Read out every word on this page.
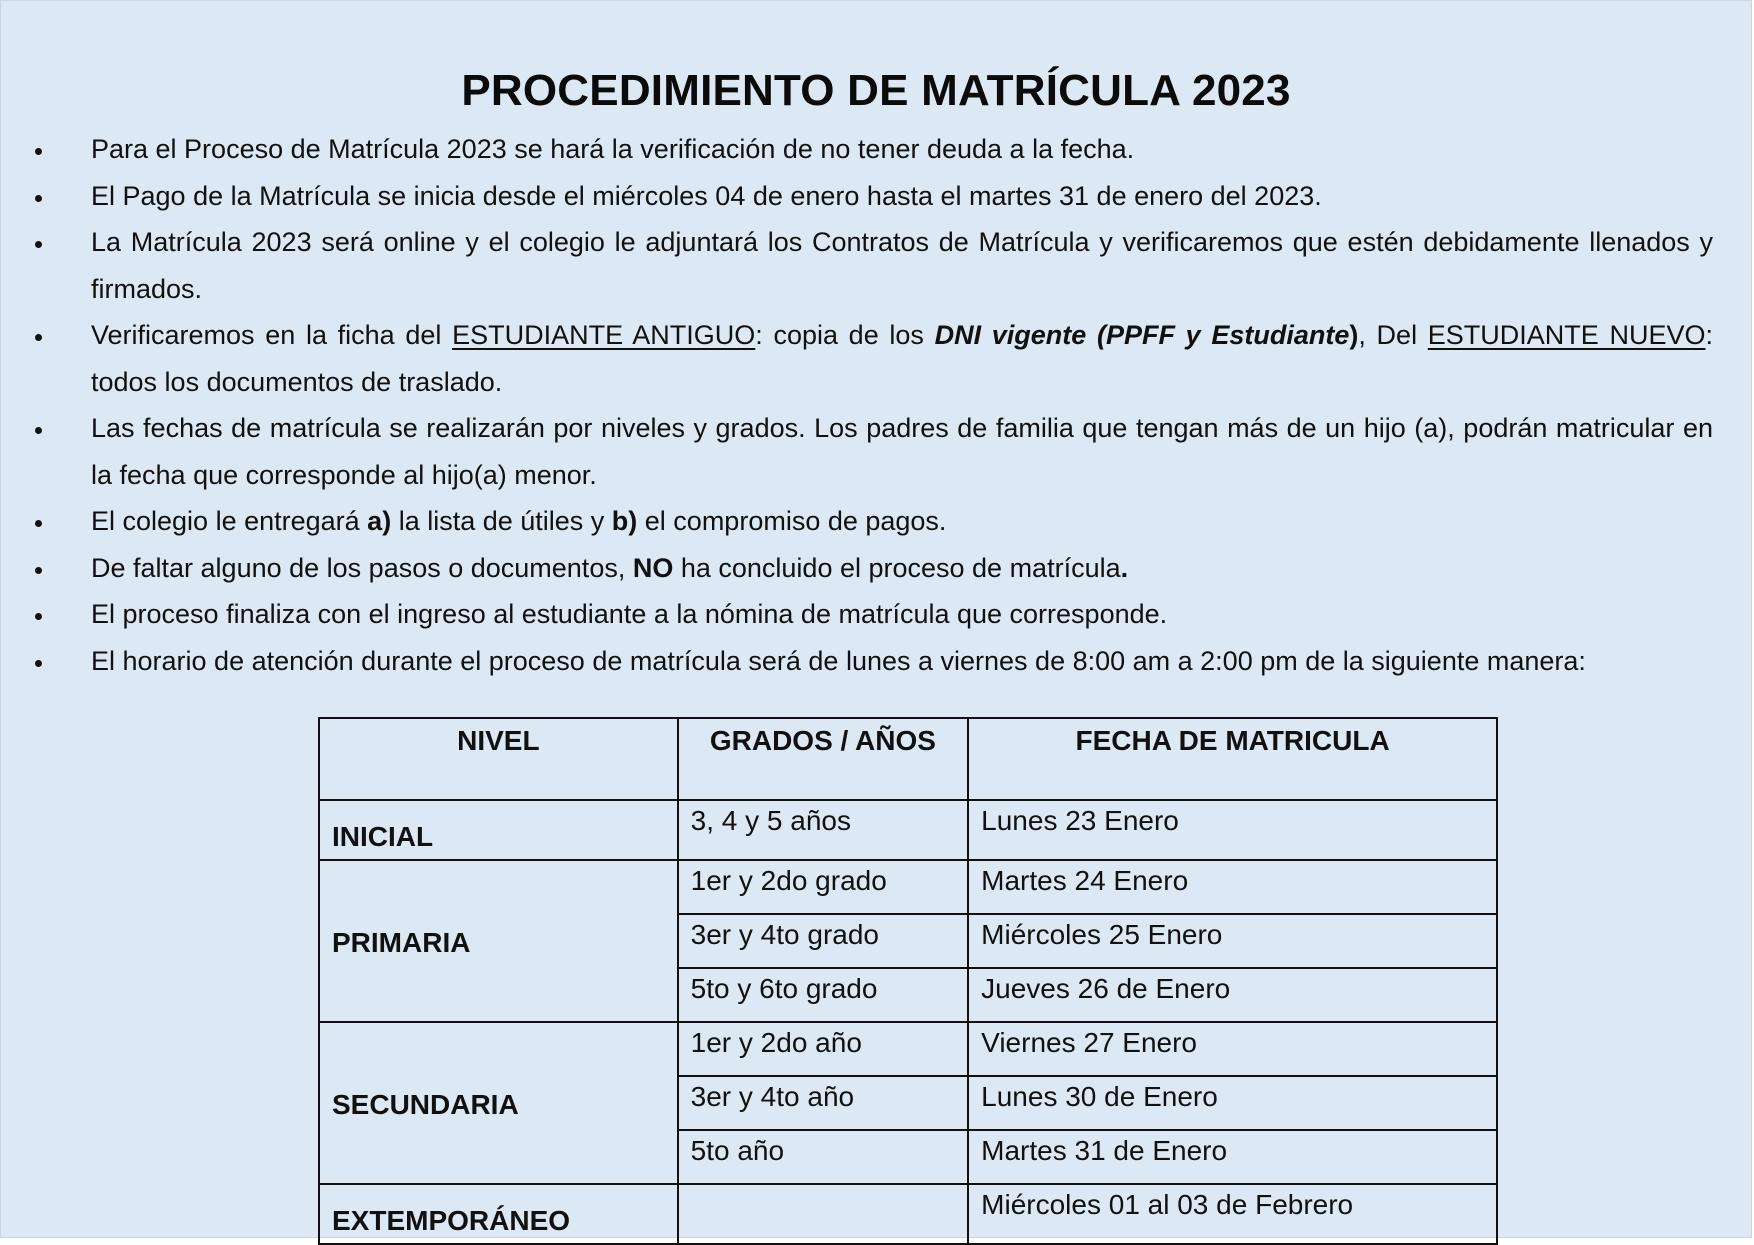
PROCEDIMIENTO DE MATRÍCULA 2023
Para el Proceso de Matrícula 2023 se hará la verificación de no tener deuda a la fecha.
El Pago de la Matrícula se inicia desde el miércoles 04 de enero hasta el martes 31 de enero del 2023.
La Matrícula 2023 será online y el colegio le adjuntará los Contratos de Matrícula y verificaremos que estén debidamente llenados y firmados.
Verificaremos en la ficha del ESTUDIANTE ANTIGUO: copia de los DNI vigente (PPFF y Estudiante), Del ESTUDIANTE NUEVO: todos los documentos de traslado.
Las fechas de matrícula se realizarán por niveles y grados. Los padres de familia que tengan más de un hijo (a), podrán matricular en la fecha que corresponde al hijo(a) menor.
El colegio le entregará a) la lista de útiles y b) el compromiso de pagos.
De faltar alguno de los pasos o documentos, NO ha concluido el proceso de matrícula.
El proceso finaliza con el ingreso al estudiante a la nómina de matrícula que corresponde.
El horario de atención durante el proceso de matrícula será de lunes a viernes de 8:00 am a 2:00 pm de la siguiente manera:
NIVEL	GRADOS / AÑOS	FECHA DE MATRICULA
INICIAL	3, 4 y 5 años	Lunes 23 Enero
PRIMARIA	1er y 2do grado	Martes 24 Enero
	3er y 4to grado	Miércoles 25 Enero
	5to y 6to grado	Jueves 26 de Enero
SECUNDARIA	1er y 2do año	Viernes 27 Enero
	3er y 4to año	Lunes 30 de Enero
	5to año	Martes 31 de Enero
EXTEMPORÁNEO		Miércoles 01 al 03 de Febrero
